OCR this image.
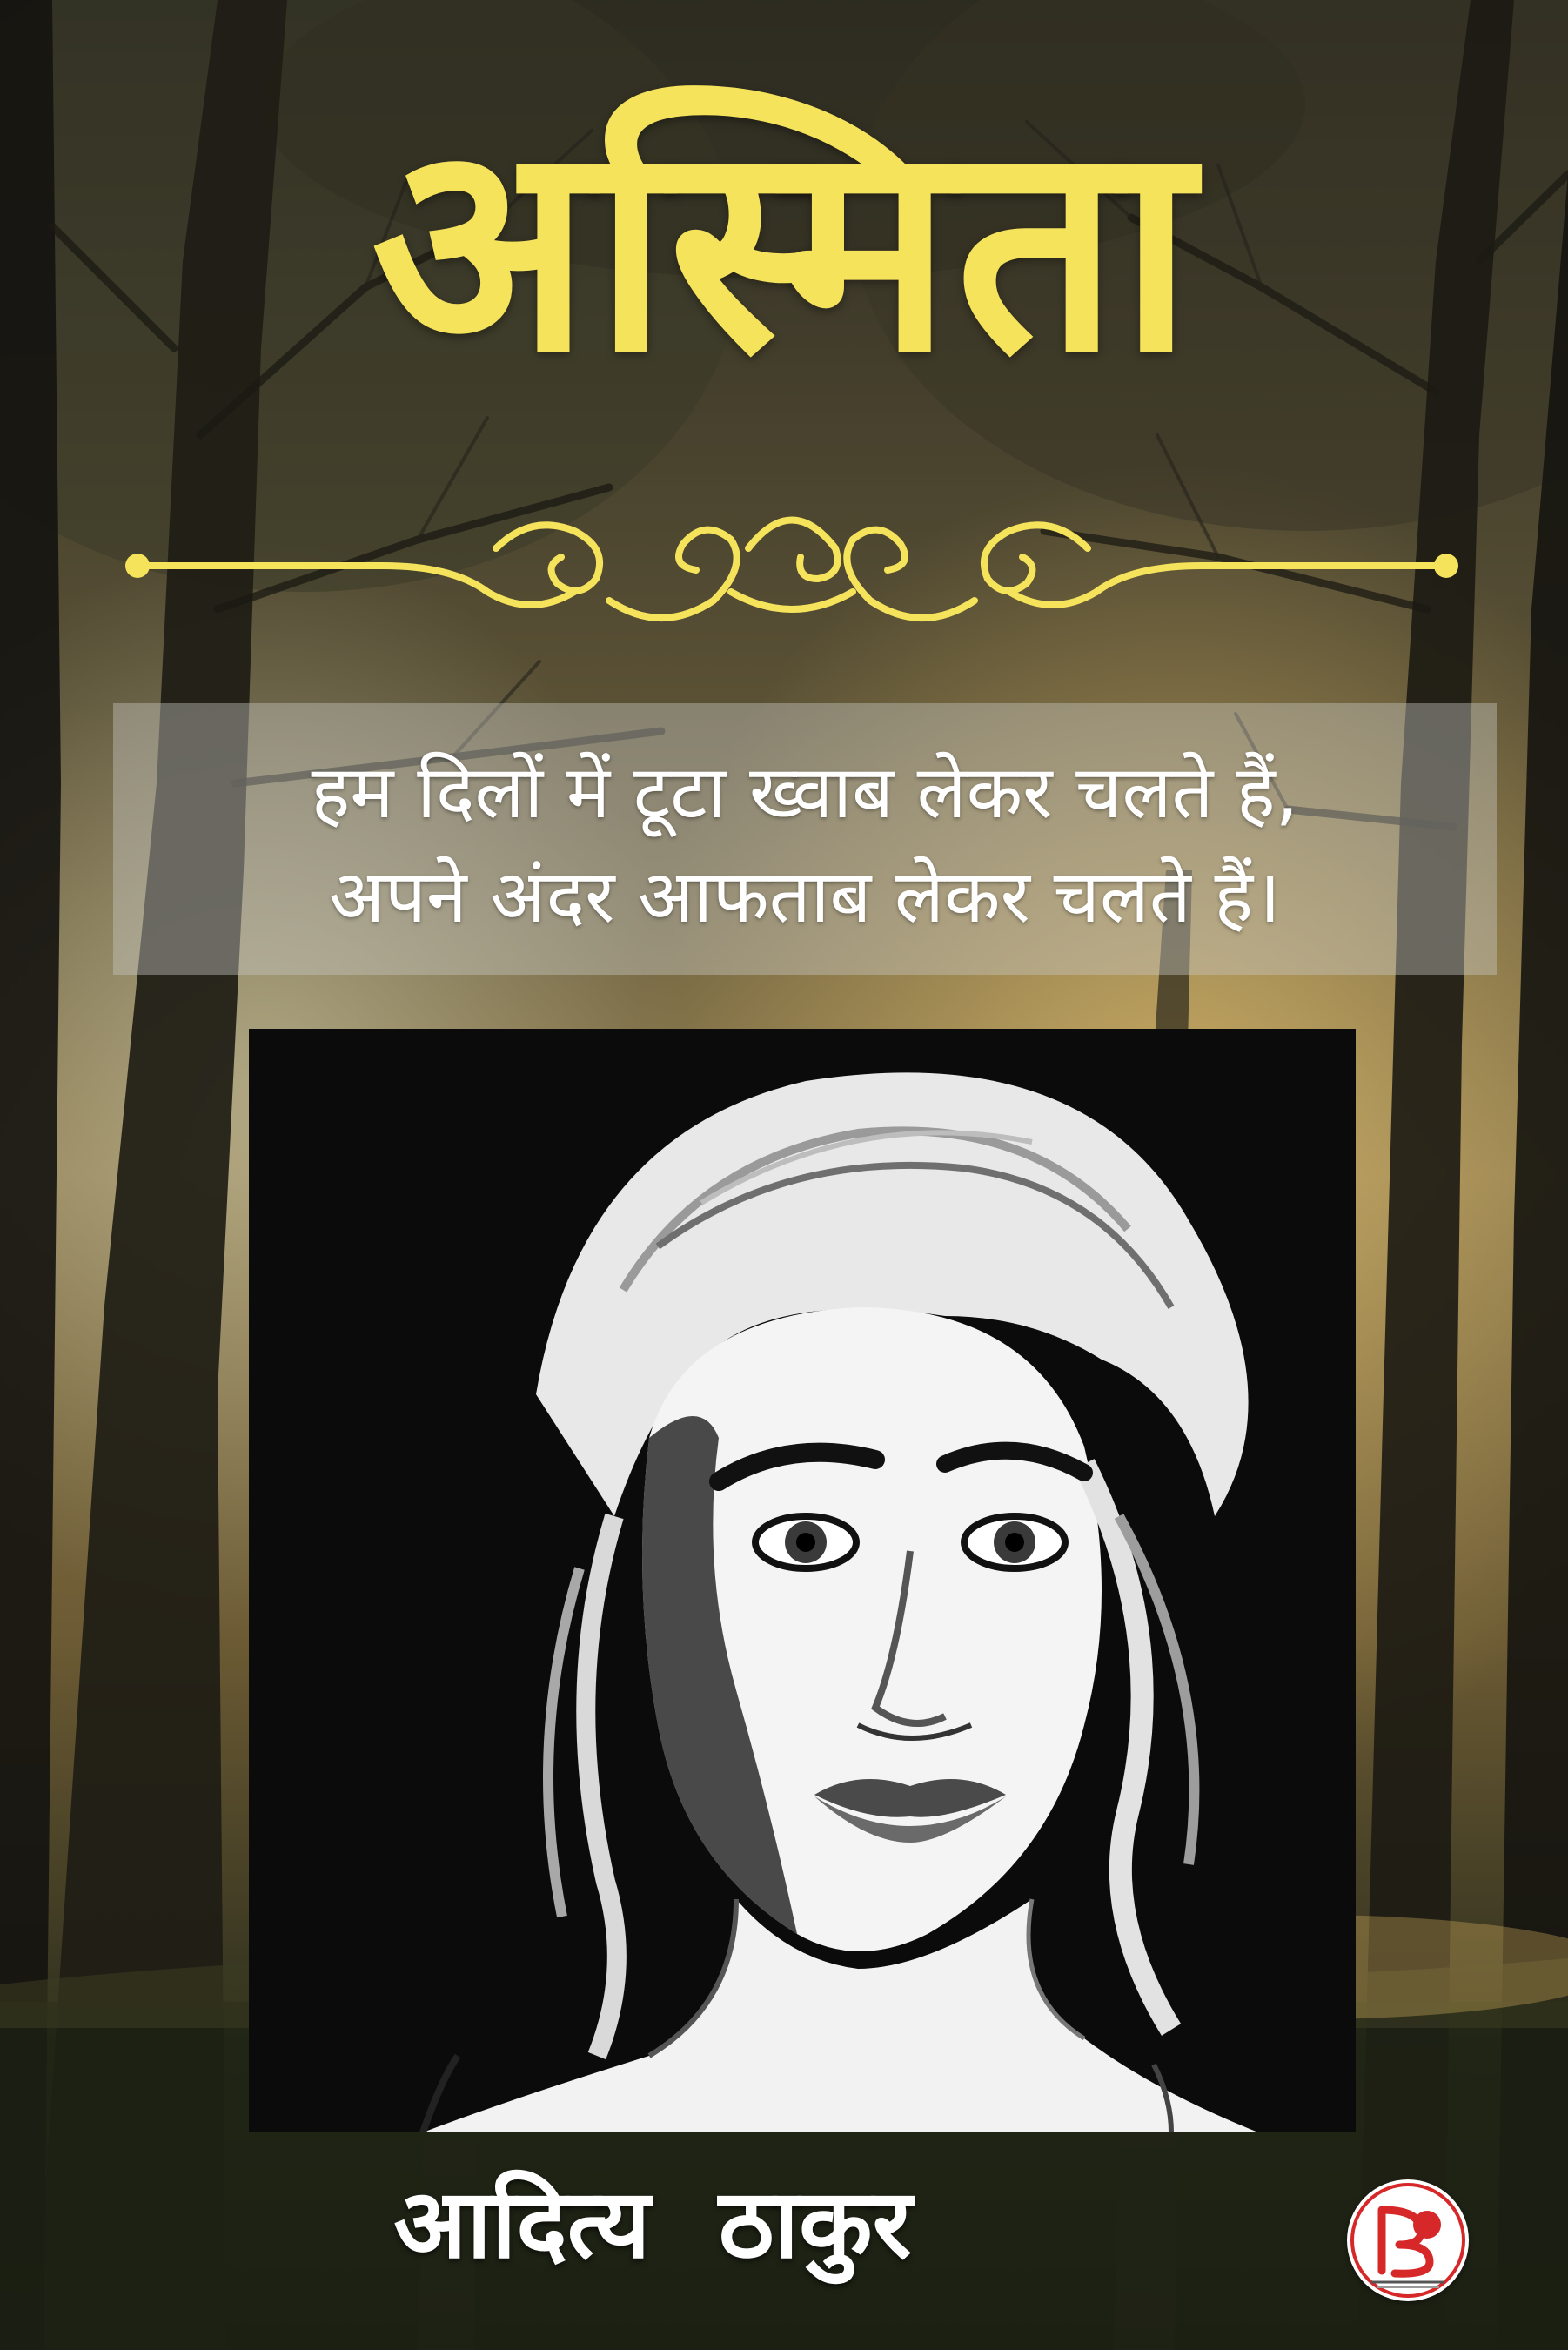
अस्मिता
हम दिलों में टूटा ख्वाब लेकर चलते हैं,
अपने अंदर आफताब लेकर चलते हैं।
आदित्य ठाकुर
